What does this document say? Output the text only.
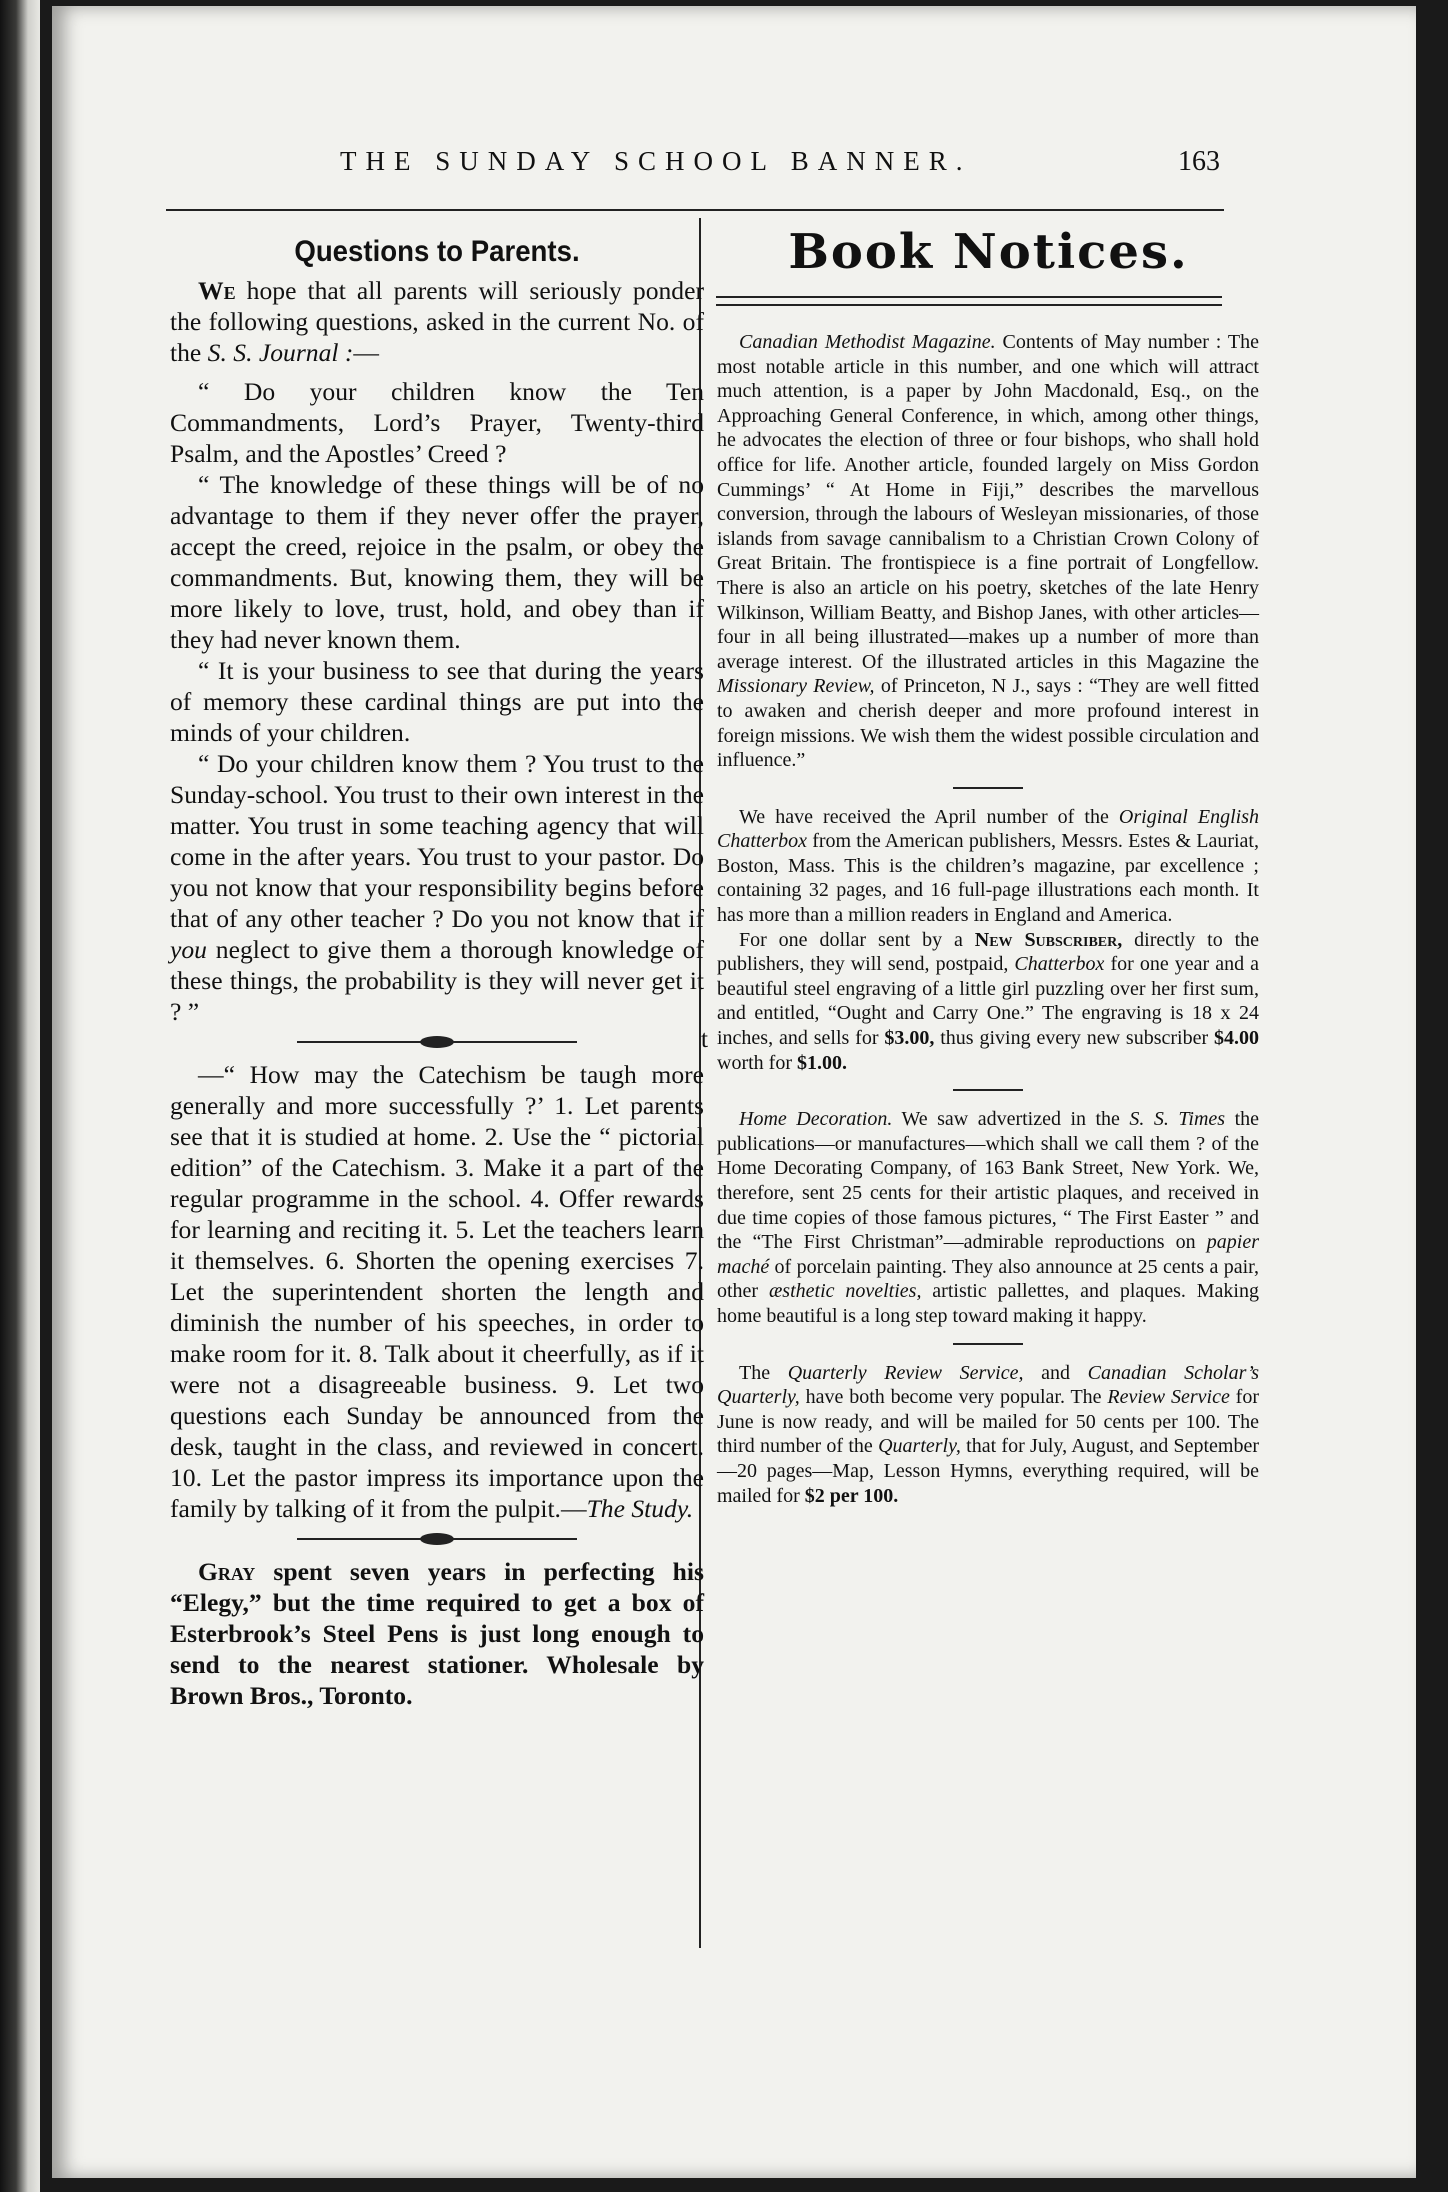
THE SUNDAY SCHOOL BANNER.	163
Questions to Parents.

We hope that all parents will seriously ponder the following questions, asked in the current No. of the S. S. Journal :—

“ Do your children know the Ten Commandments, Lord’s Prayer, Twenty-third Psalm, and the Apostles’ Creed ?

“ The knowledge of these things will be of no advantage to them if they never offer the prayer, accept the creed, rejoice in the psalm, or obey the commandments. But, knowing them, they will be more likely to love, trust, hold, and obey than if they had never known them.

“ It is your business to see that during the years of memory these cardinal things are put into the minds of your children.

“ Do your children know them ? You trust to the Sunday-school. You trust to their own interest in the matter. You trust in some teaching agency that will come in the after years. You trust to your pastor. Do you not know that your responsibility begins before that of any other teacher ? Do you not know that if you neglect to give them a thorough knowledge of these things, the probability is they will never get it ? ”

t

—“ How may the Catechism be taugh more generally and more successfully ?’ 1. Let parents see that it is studied at home. 2. Use the “ pictorial edition” of the Catechism. 3. Make it a part of the regular programme in the school. 4. Offer rewards for learning and reciting it. 5. Let the teachers learn it themselves. 6. Shorten the opening exercises 7. Let the superintendent shorten the length and diminish the number of his speeches, in order to make room for it. 8. Talk about it cheerfully, as if it were not a disagreeable business. 9. Let two questions each Sunday be announced from the desk, taught in the class, and reviewed in concert. 10. Let the pastor impress its importance upon the family by talking of it from the pulpit.—The Study.

Gray spent seven years in perfecting his “Elegy,” but the time required to get a box of Esterbrook’s Steel Pens is just long enough to send to the nearest stationer. Wholesale by Brown Bros., Toronto.

Book Notices.

Canadian Methodist Magazine. Contents of May number : The most notable article in this number, and one which will attract much attention, is a paper by John Macdonald, Esq., on the Approaching General Conference, in which, among other things, he advocates the election of three or four bishops, who shall hold office for life. Another article, founded largely on Miss Gordon Cummings’ “ At Home in Fiji,” describes the marvellous conversion, through the labours of Wesleyan missionaries, of those islands from savage cannibalism to a Christian Crown Colony of Great Britain. The frontispiece is a fine portrait of Longfellow. There is also an article on his poetry, sketches of the late Henry Wilkinson, William Beatty, and Bishop Janes, with other articles—four in all being illustrated—makes up a number of more than average interest. Of the illustrated articles in this Magazine the Missionary Review, of Princeton, N J., says : “They are well fitted to awaken and cherish deeper and more profound interest in foreign missions. We wish them the widest possible circulation and influence.”

We have received the April number of the Original English Chatterbox from the American publishers, Messrs. Estes & Lauriat, Boston, Mass. This is the children’s magazine, par excellence ; containing 32 pages, and 16 full-page illustrations each month. It has more than a million readers in England and America.

For one dollar sent by a New Subscriber, directly to the publishers, they will send, postpaid, Chatterbox for one year and a beautiful steel engraving of a little girl puzzling over her first sum, and entitled, “Ought and Carry One.” The engraving is 18 x 24 inches, and sells for $3.00, thus giving every new subscriber $4.00 worth for $1.00.

Home Decoration. We saw advertized in the S. S. Times the publications—or manufactures—which shall we call them ? of the Home Decorating Company, of 163 Bank Street, New York. We, therefore, sent 25 cents for their artistic plaques, and received in due time copies of those famous pictures, “ The First Easter ” and the “The First Christman”—admirable reproductions on papier maché of porcelain painting. They also announce at 25 cents a pair, other æsthetic novelties, artistic pallettes, and plaques. Making home beautiful is a long step toward making it happy.

The Quarterly Review Service, and Canadian Scholar’s Quarterly, have both become very popular. The Review Service for June is now ready, and will be mailed for 50 cents per 100. The third number of the Quarterly, that for July, August, and September—20 pages—Map, Lesson Hymns, everything required, will be mailed for $2 per 100.
